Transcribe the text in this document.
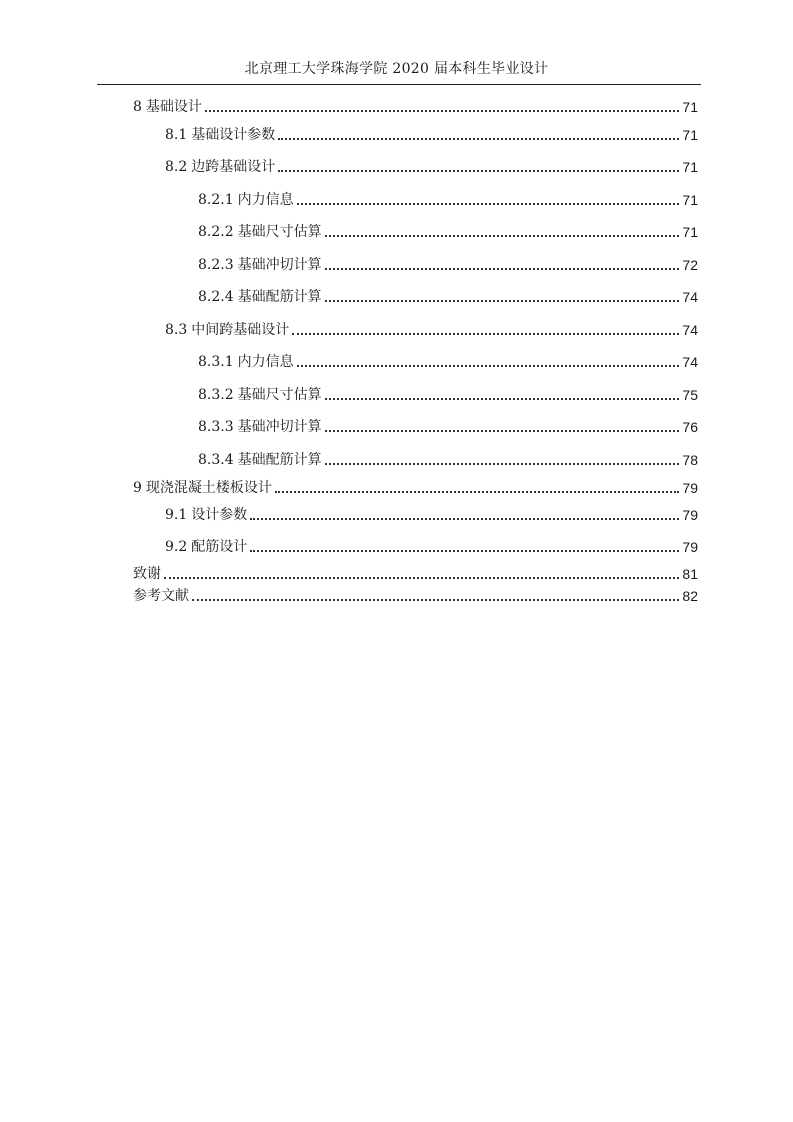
北京理工大学珠海学院 2020 届本科生毕业设计
8 基础设计	71
8.1 基础设计参数	71
8.2 边跨基础设计	71
8.2.1 内力信息	71
8.2.2 基础尺寸估算	71
8.2.3 基础冲切计算	72
8.2.4 基础配筋计算	74
8.3 中间跨基础设计	74
8.3.1 内力信息	74
8.3.2 基础尺寸估算	75
8.3.3 基础冲切计算	76
8.3.4 基础配筋计算	78
9 现浇混凝土楼板设计	79
9.1 设计参数	79
9.2 配筋设计	79
致谢	81
参考文献	82
